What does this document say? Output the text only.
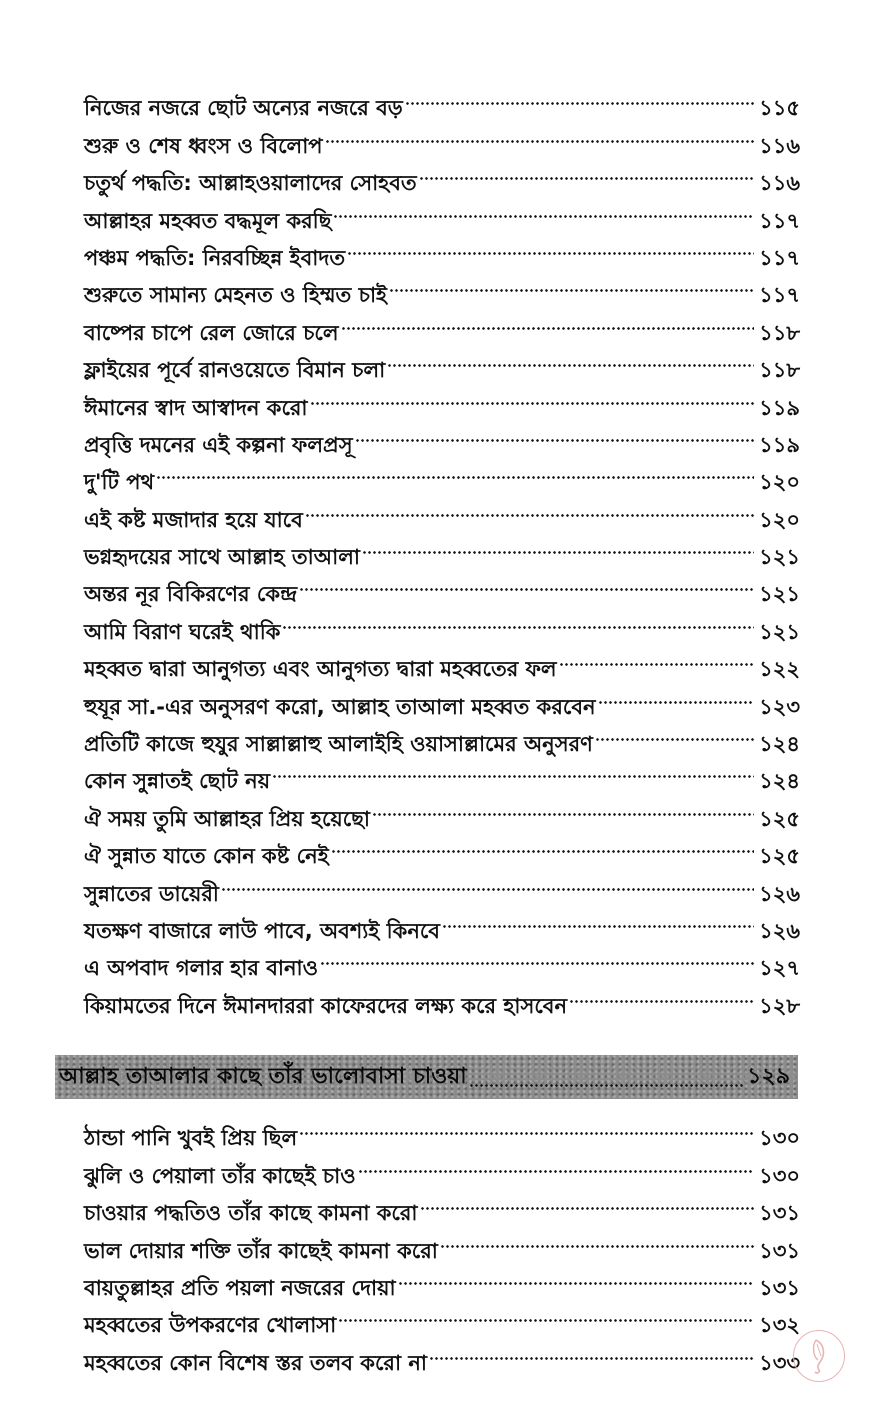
নিজের নজরে ছোট অন্যের নজরে বড়	১১৫
শুরু ও শেষ ধ্বংস ও বিলোপ	১১৬
চতুর্থ পদ্ধতি: আল্লাহওয়ালাদের সোহবত	১১৬
আল্লাহর মহব্বত বদ্ধমূল করছি	১১৭
পঞ্চম পদ্ধতি: নিরবচ্ছিন্ন ইবাদত	১১৭
শুরুতে সামান্য মেহনত ও হিম্মত চাই	১১৭
বাষ্পের চাপে রেল জোরে চলে	১১৮
ফ্লাইয়ের পূর্বে রানওয়েতে বিমান চলা	১১৮
ঈমানের স্বাদ আস্বাদন করো	১১৯
প্রবৃত্তি দমনের এই কল্পনা ফলপ্রসূ	১১৯
দু'টি পথ	১২০
এই কষ্ট মজাদার হয়ে যাবে	১২০
ভগ্নহৃদয়ের সাথে আল্লাহ তাআলা	১২১
অন্তর নূর বিকিরণের কেন্দ্র	১২১
আমি বিরাণ ঘরেই থাকি	১২১
মহব্বত দ্বারা আনুগত্য এবং আনুগত্য দ্বারা মহব্বতের ফল	১২২
হুযূর সা.-এর অনুসরণ করো, আল্লাহ তাআলা মহব্বত করবেন	১২৩
প্রতিটি কাজে হুযুর সাল্লাল্লাহু আলাইহি ওয়াসাল্লামের অনুসরণ	১২৪
কোন সুন্নাতই ছোট নয়	১২৪
ঐ সময় তুমি আল্লাহর প্রিয় হয়েছো	১২৫
ঐ সুন্নাত যাতে কোন কষ্ট নেই	১২৫
সুন্নাতের ডায়েরী	১২৬
যতক্ষণ বাজারে লাউ পাবে, অবশ্যই কিনবে	১২৬
এ অপবাদ গলার হার বানাও	১২৭
কিয়ামতের দিনে ঈমানদাররা কাফেরদের লক্ষ্য করে হাসবেন	১২৮
আল্লাহ তাআলার কাছে তাঁর ভালোবাসা চাওয়া	১২৯
ঠান্ডা পানি খুবই প্রিয় ছিল	১৩০
ঝুলি ও পেয়ালা তাঁর কাছেই চাও	১৩০
চাওয়ার পদ্ধতিও তাঁর কাছে কামনা করো	১৩১
ভাল দোয়ার শক্তি তাঁর কাছেই কামনা করো	১৩১
বায়তুল্লাহর প্রতি পয়লা নজরের দোয়া	১৩১
মহব্বতের উপকরণের খোলাসা	১৩২
মহব্বতের কোন বিশেষ স্তর তলব করো না	১৩৩
